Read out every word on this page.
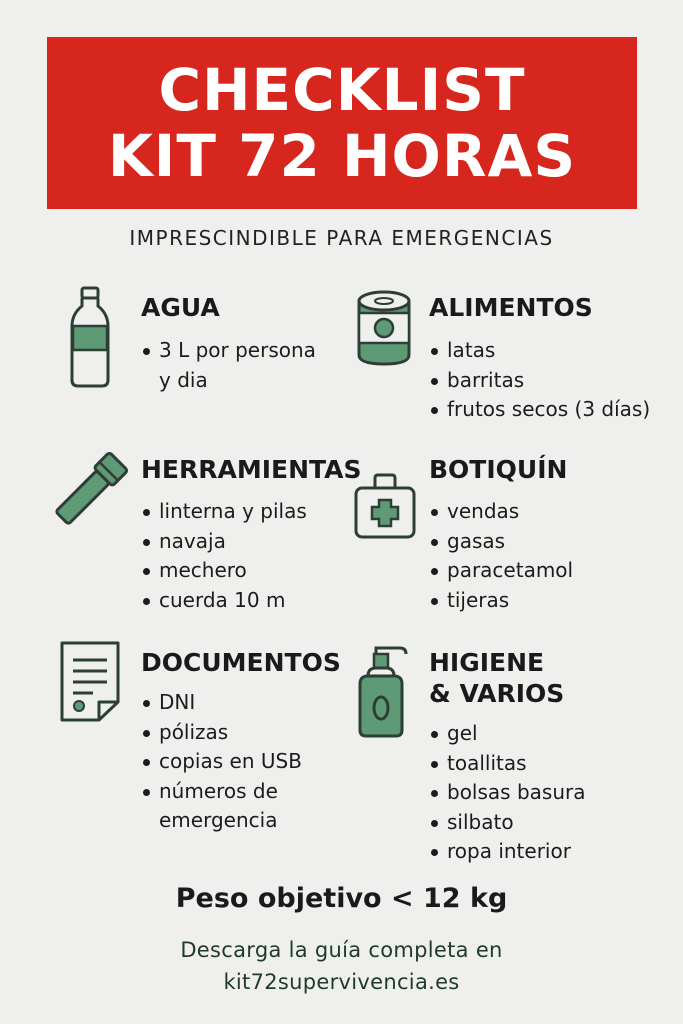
CHECKLIST
KIT 72 HORAS
IMPRESCINDIBLE PARA EMERGENCIAS
AGUA
3 L por persona
y dia
ALIMENTOS
latas
barritas
frutos secos (3 días)
HERRAMIENTAS
linterna y pilas
navaja
mechero
cuerda 10 m
BOTIQUÍN
vendas
gasas
paracetamol
tijeras
DOCUMENTOS
DNI
pólizas
copias en USB
números de
emergencia
HIGIENE
& VARIOS
gel
toallitas
bolsas basura
silbato
ropa interior
Peso objetivo < 12 kg
Descarga la guía completa en
kit72supervivencia.es
